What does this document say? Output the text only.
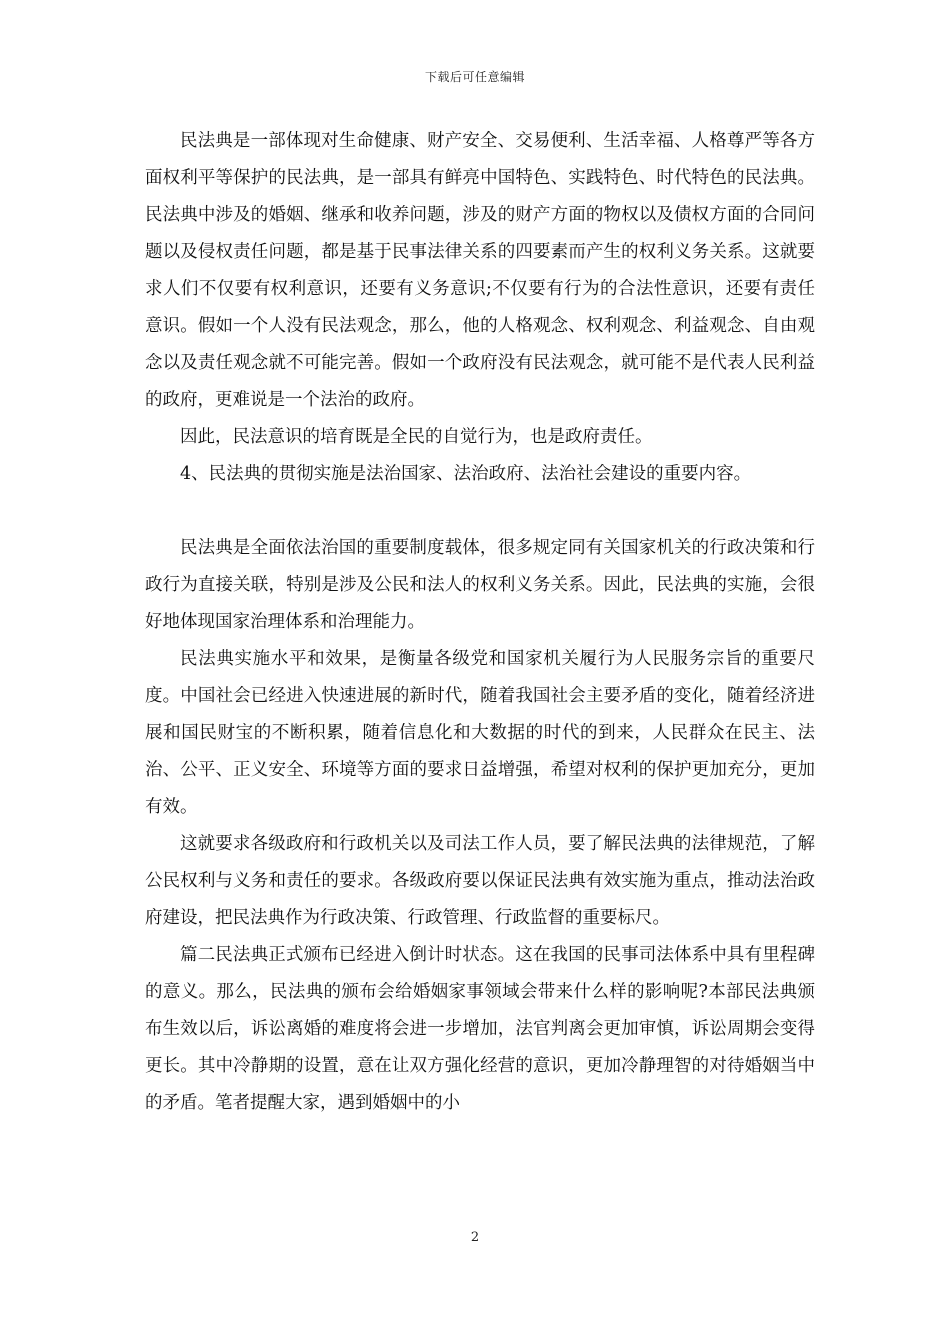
下载后可任意编辑

民法典是一部体现对生命健康、财产安全、交易便利、生活幸福、人格尊严等各方面权利平等保护的民法典，是一部具有鲜亮中国特色、实践特色、时代特色的民法典。民法典中涉及的婚姻、继承和收养问题，涉及的财产方面的物权以及债权方面的合同问题以及侵权责任问题，都是基于民事法律关系的四要素而产生的权利义务关系。这就要求人们不仅要有权利意识，还要有义务意识;不仅要有行为的合法性意识，还要有责任意识。假如一个人没有民法观念，那么，他的人格观念、权利观念、利益观念、自由观念以及责任观念就不可能完善。假如一个政府没有民法观念，就可能不是代表人民利益的政府，更难说是一个法治的政府。

因此，民法意识的培育既是全民的自觉行为，也是政府责任。

4、民法典的贯彻实施是法治国家、法治政府、法治社会建设的重要内容。

民法典是全面依法治国的重要制度载体，很多规定同有关国家机关的行政决策和行政行为直接关联，特别是涉及公民和法人的权利义务关系。因此，民法典的实施，会很好地体现国家治理体系和治理能力。

民法典实施水平和效果，是衡量各级党和国家机关履行为人民服务宗旨的重要尺度。中国社会已经进入快速进展的新时代，随着我国社会主要矛盾的变化，随着经济进展和国民财宝的不断积累，随着信息化和大数据的时代的到来，人民群众在民主、法治、公平、正义安全、环境等方面的要求日益增强，希望对权利的保护更加充分，更加有效。

这就要求各级政府和行政机关以及司法工作人员，要了解民法典的法律规范，了解公民权利与义务和责任的要求。各级政府要以保证民法典有效实施为重点，推动法治政府建设，把民法典作为行政决策、行政管理、行政监督的重要标尺。

篇二民法典正式颁布已经进入倒计时状态。这在我国的民事司法体系中具有里程碑的意义。那么，民法典的颁布会给婚姻家事领域会带来什么样的影响呢?本部民法典颁布生效以后，诉讼离婚的难度将会进一步增加，法官判离会更加审慎，诉讼周期会变得更长。其中冷静期的设置，意在让双方强化经营的意识，更加冷静理智的对待婚姻当中的矛盾。笔者提醒大家，遇到婚姻中的小

2
